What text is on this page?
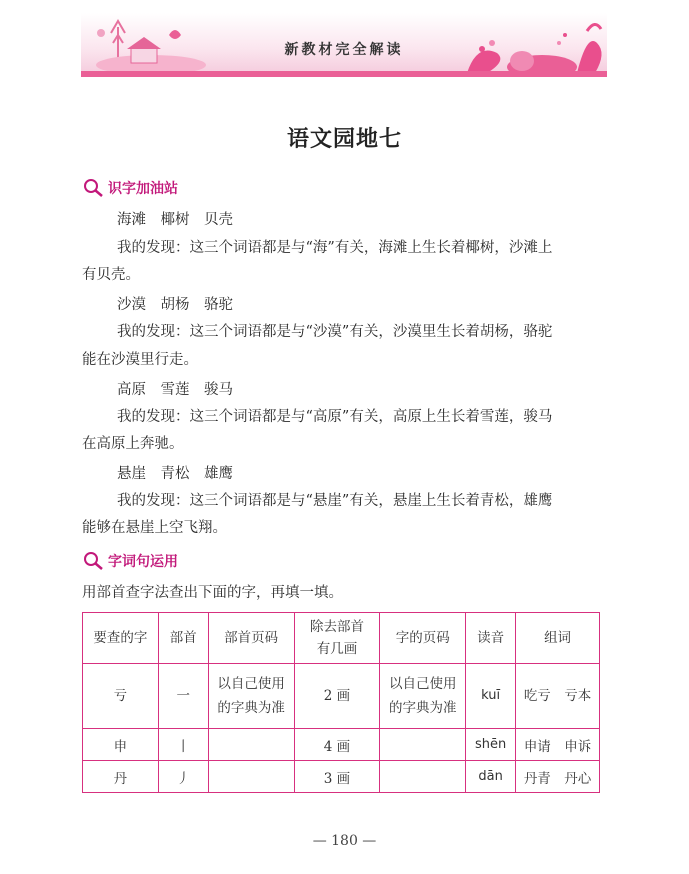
新教材完全解读
语文园地七
识字加油站
海滩　椰树　贝壳
我的发现：这三个词语都是与“海”有关，海滩上生长着椰树，沙滩上
有贝壳。
沙漠　胡杨　骆驼
我的发现：这三个词语都是与“沙漠”有关，沙漠里生长着胡杨，骆驼
能在沙漠里行走。
高原　雪莲　骏马
我的发现：这三个词语都是与“高原”有关，高原上生长着雪莲，骏马
在高原上奔驰。
悬崖　青松　雄鹰
我的发现：这三个词语都是与“悬崖”有关，悬崖上生长着青松，雄鹰
能够在悬崖上空飞翔。
字词句运用
用部首查字法查出下面的字，再填一填。
要查的字	部首	部首页码	除去部首有几画	字的页码	读音	组词
亏	一	以自己使用的字典为准	2 画	以自己使用的字典为准	kuī	吃亏　亏本
申	丨		4 画		shēn	申请　申诉
丹	丿		3 画		dān	丹青　丹心
— 180 —
